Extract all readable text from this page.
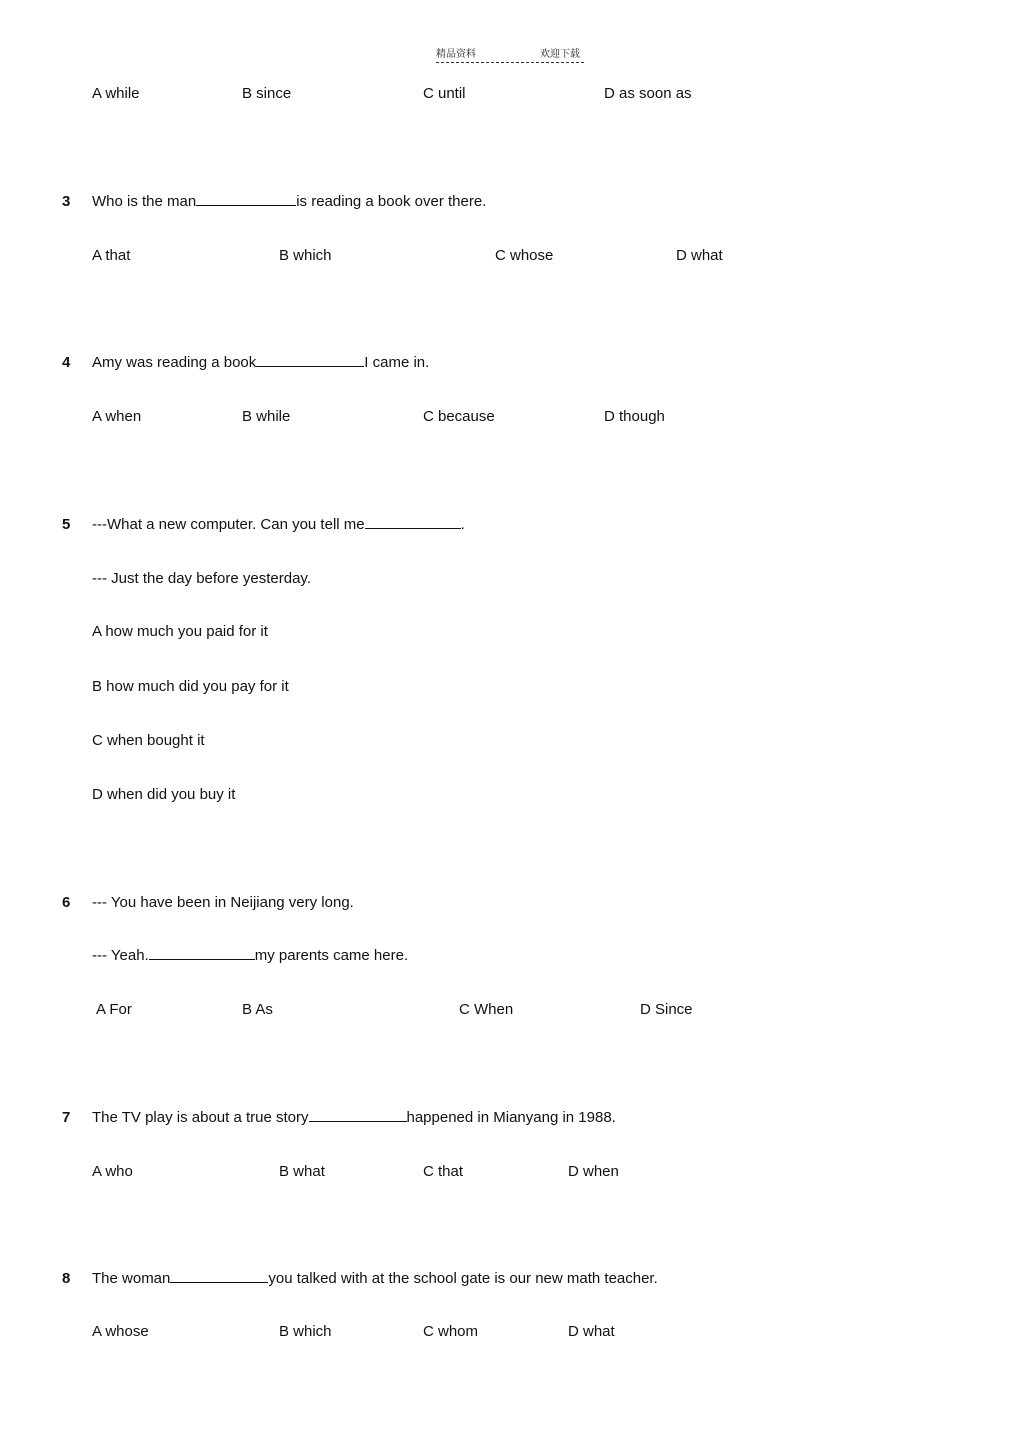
精品资料	欢迎下载
A while	B since	C until	D as soon as
3 Who is the man	is reading a book over there.
A that	B which	C whose	D what
4 Amy was reading a book	I came in.
A when	B while	C because	D though
5 ---What a new computer. Can you tell me	.
--- Just the day before yesterday.
A how much you paid for it
B how much did you pay for it
C when bought it
D when did you buy it
6 --- You have been in Neijiang very long.
--- Yeah.	my parents came here.
A For	B As	C When	D Since
7 The TV play is about a true story	happened in Mianyang in 1988.
A who	B what	C that	D when
8 The woman	you talked with at the school gate is our new math teacher.
A whose	B which	C whom	D what
